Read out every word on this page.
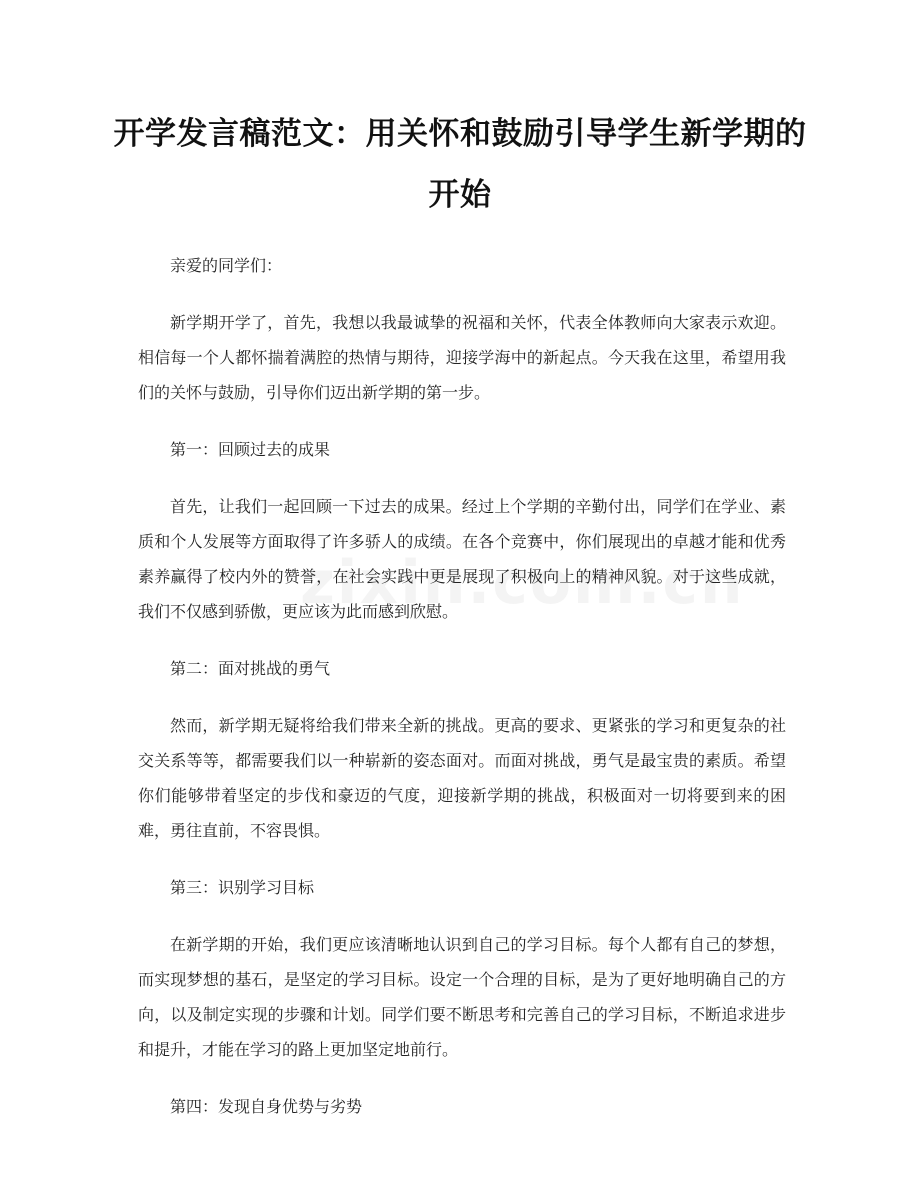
开学发言稿范文：用关怀和鼓励引导学生新学期的开始

亲爱的同学们：

新学期开学了，首先，我想以我最诚挚的祝福和关怀，代表全体教师向大家表示欢迎。相信每一个人都怀揣着满腔的热情与期待，迎接学海中的新起点。今天我在这里，希望用我们的关怀与鼓励，引导你们迈出新学期的第一步。

第一：回顾过去的成果

首先，让我们一起回顾一下过去的成果。经过上个学期的辛勤付出，同学们在学业、素质和个人发展等方面取得了许多骄人的成绩。在各个竞赛中，你们展现出的卓越才能和优秀素养赢得了校内外的赞誉，在社会实践中更是展现了积极向上的精神风貌。对于这些成就，我们不仅感到骄傲，更应该为此而感到欣慰。

第二：面对挑战的勇气

然而，新学期无疑将给我们带来全新的挑战。更高的要求、更紧张的学习和更复杂的社交关系等等，都需要我们以一种崭新的姿态面对。而面对挑战，勇气是最宝贵的素质。希望你们能够带着坚定的步伐和豪迈的气度，迎接新学期的挑战，积极面对一切将要到来的困难，勇往直前，不容畏惧。

第三：识别学习目标

在新学期的开始，我们更应该清晰地认识到自己的学习目标。每个人都有自己的梦想，而实现梦想的基石，是坚定的学习目标。设定一个合理的目标，是为了更好地明确自己的方向，以及制定实现的步骤和计划。同学们要不断思考和完善自己的学习目标，不断追求进步和提升，才能在学习的路上更加坚定地前行。

第四：发现自身优势与劣势
